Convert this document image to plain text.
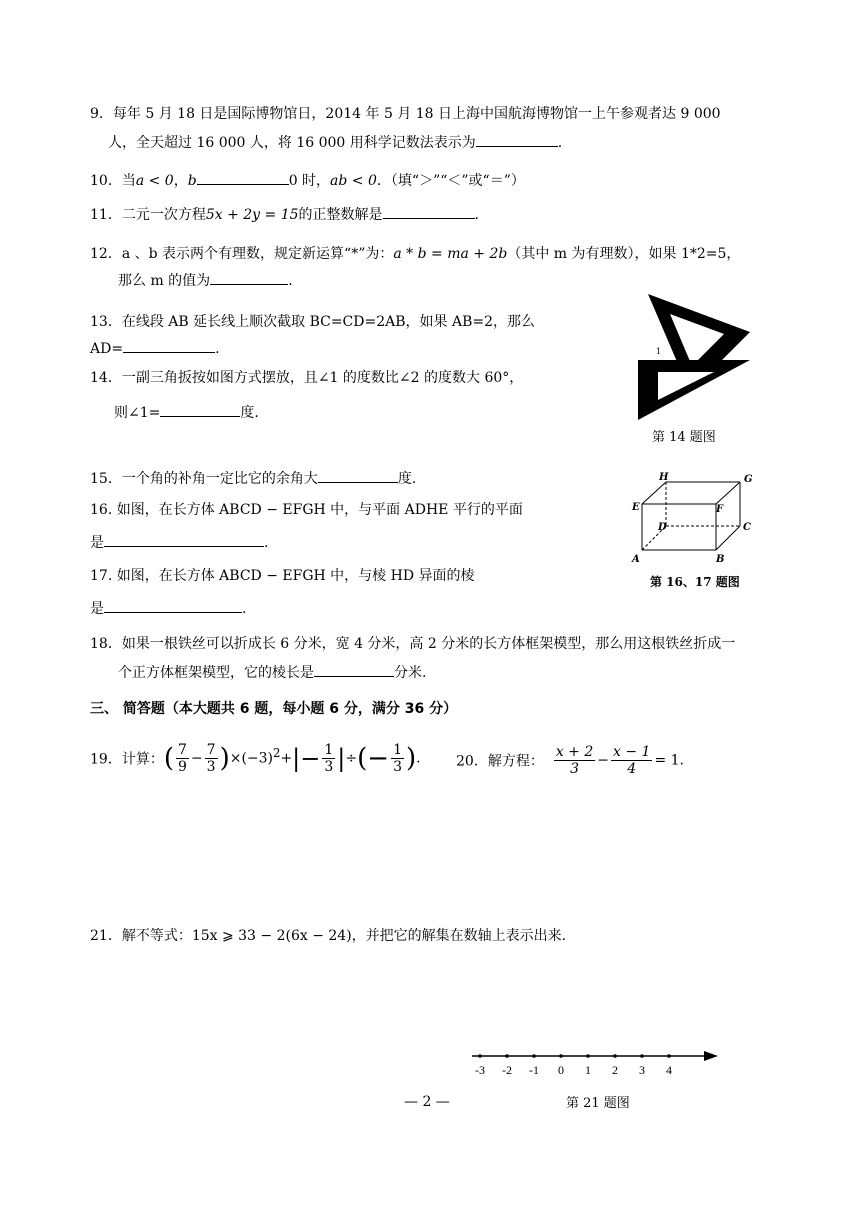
9．每年 5 月 18 日是国际博物馆日，2014 年 5 月 18 日上海中国航海博物馆一上午参观者达 9 000
人，全天超过 16 000 人，将 16 000 用科学记数法表示为	.
10．当a < 0，b	0 时，ab < 0．（填“＞”“＜”或“＝”）
11．二元一次方程5x + 2y = 15的正整数解是	.
12．a 、b 表示两个有理数，规定新运算“*”为：a * b = ma + 2b（其中 m 为有理数），如果 1*2=5，
那么 m 的值为	.
13．在线段 AB 延长线上顺次截取 BC=CD=2AB，如果 AB=2，那么
AD=	.
14．一副三角扳按如图方式摆放，且∠1 的度数比∠2 的度数大 60°，
则∠1=	度.
1
2
第 14 题图
15．一个角的补角一定比它的余角大	度.
16. 如图，在长方体 ABCD − EFGH 中，与平面 ADHE 平行的平面
是	.
17. 如图，在长方体 ABCD − EFGH 中，与棱 HD 异面的棱
是	.
H	G
E	F
D	C
A	B
第 16、17 题图
18．如果一根铁丝可以折成长 6 分米，宽 4 分米，高 2 分米的长方体框架模型，那么用这根铁丝折成一
个正方体框架模型，它的棱长是	分米.
三、 简答题（本大题共 6 题，每小题 6 分，满分 36 分）
19．计算：( $\frac{7}{9} - \frac{7}{3} )\times(-3)^2+|- \frac{1}{3}$ |÷(− $\frac{1}{3}$ ).	20．解方程： $\frac{x + 2}{3} - \frac{x - 1}{4} = 1$.
21．解不等式：15x ⩾ 33 − 2(6x − 24)，并把它的解集在数轴上表示出来.
-3 -2 -1 0 1 2 3 4
第 21 题图
— 2 —
